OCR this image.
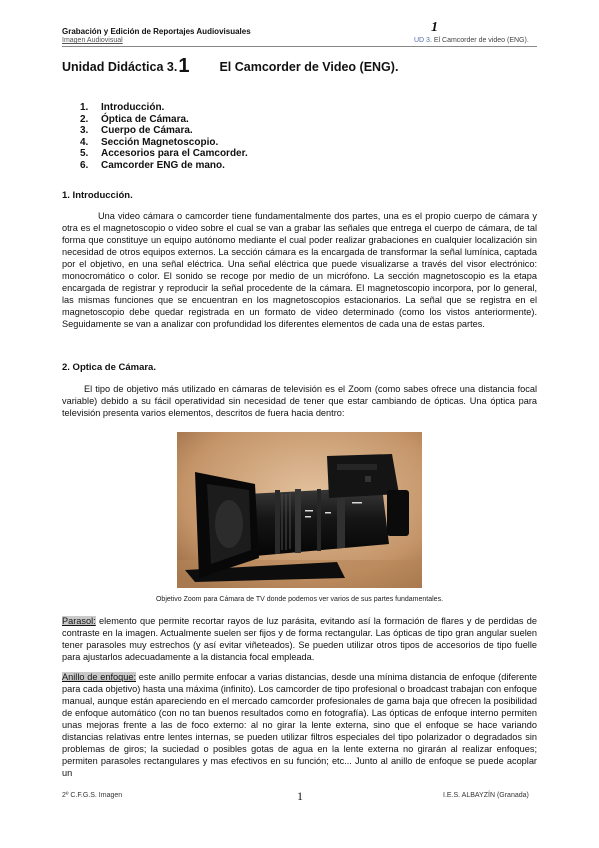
Grabación y Edición de Reportajes Audiovisuales
Imagen Audiovisual
1
UD 3. El Camcorder de video (ENG).
Unidad Didáctica 3.1 El Camcorder de Video (ENG).
1. Introducción.
2. Óptica de Cámara.
3. Cuerpo de Cámara.
4. Sección Magnetoscopio.
5. Accesorios para el Camcorder.
6. Camcorder ENG de mano.
1. Introducción.
Una video cámara o camcorder tiene fundamentalmente dos partes, una es el propio cuerpo de cámara y otra es el magnetoscopio o video sobre el cual se van a grabar las señales que entrega el cuerpo de cámara, de tal forma que constituye un equipo autónomo mediante el cual poder realizar grabaciones en cualquier localización sin necesidad de otros equipos externos. La sección cámara es la encargada de transformar la señal lumínica, captada por el objetivo, en una señal eléctrica. Una señal eléctrica que puede visualizarse a través del visor electrónico: monocromático o color. El sonido se recoge por medio de un micrófono. La sección magnetoscopio es la etapa encargada de registrar y reproducir la señal procedente de la cámara. El magnetoscopio incorpora, por lo general, las mismas funciones que se encuentran en los magnetoscopios estacionarios. La señal que se registra en el magnetoscopio debe quedar registrada en un formato de video determinado (como los vistos anteriormente). Seguidamente se van a analizar con profundidad los diferentes elementos de cada una de estas partes.
2. Optica de Cámara.
El tipo de objetivo más utilizado en cámaras de televisión es el Zoom (como sabes ofrece una distancia focal variable) debido a su fácil operatividad sin necesidad de tener que estar cambiando de ópticas. Una óptica para televisión presenta varios elementos, descritos de fuera hacia dentro:
Objetivo Zoom para Cámara de TV donde podemos ver varios de sus partes fundamentales.
Parasol: elemento que permite recortar rayos de luz parásita, evitando así la formación de flares y de perdidas de contraste en la imagen. Actualmente suelen ser fijos y de forma rectangular. Las ópticas de tipo gran angular suelen tener parasoles muy estrechos (y así evitar viñeteados). Se pueden utilizar otros tipos de accesorios de tipo fuelle para ajustarlos adecuadamente a la distancia focal empleada.
Anillo de enfoque: este anillo permite enfocar a varias distancias, desde una mínima distancia de enfoque (diferente para cada objetivo) hasta una máxima (infinito). Los camcorder de tipo profesional o broadcast trabajan con enfoque manual, aunque están apareciendo en el mercado camcorder profesionales de gama baja que ofrecen la posibilidad de enfoque automático (con no tan buenos resultados como en fotografía). Las ópticas de enfoque interno permiten unas mejoras frente a las de foco externo: al no girar la lente externa, sino que el enfoque se hace variando distancias relativas entre lentes internas, se pueden utilizar filtros especiales del tipo polarizador o degradados sin problemas de giros; la suciedad o posibles gotas de agua en la lente externa no girarán al realizar enfoques; permiten parasoles rectangulares y mas efectivos en su función; etc... Junto al anillo de enfoque se puede acoplar un
2º C.F.G.S. Imagen	1	I.E.S. ALBAYZÍN (Granada)
